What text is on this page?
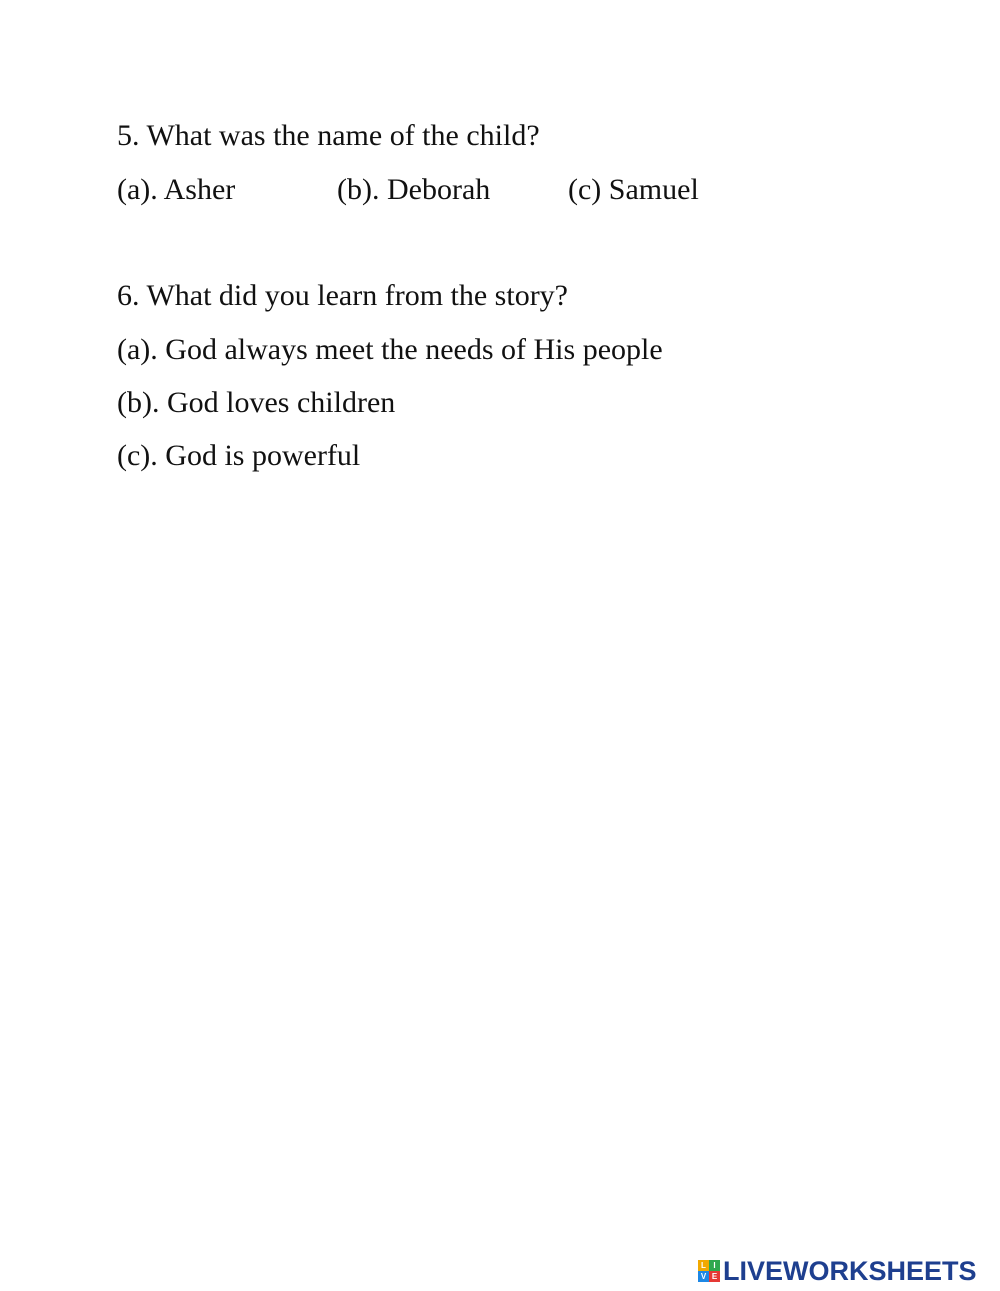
5. What was the name of the child?
(a). Asher	(b). Deborah	(c) Samuel
6. What did you learn from the story?
(a). God always meet the needs of His people
(b). God loves children
(c). God is powerful
L I
V E LIVEWORKSHEETS
